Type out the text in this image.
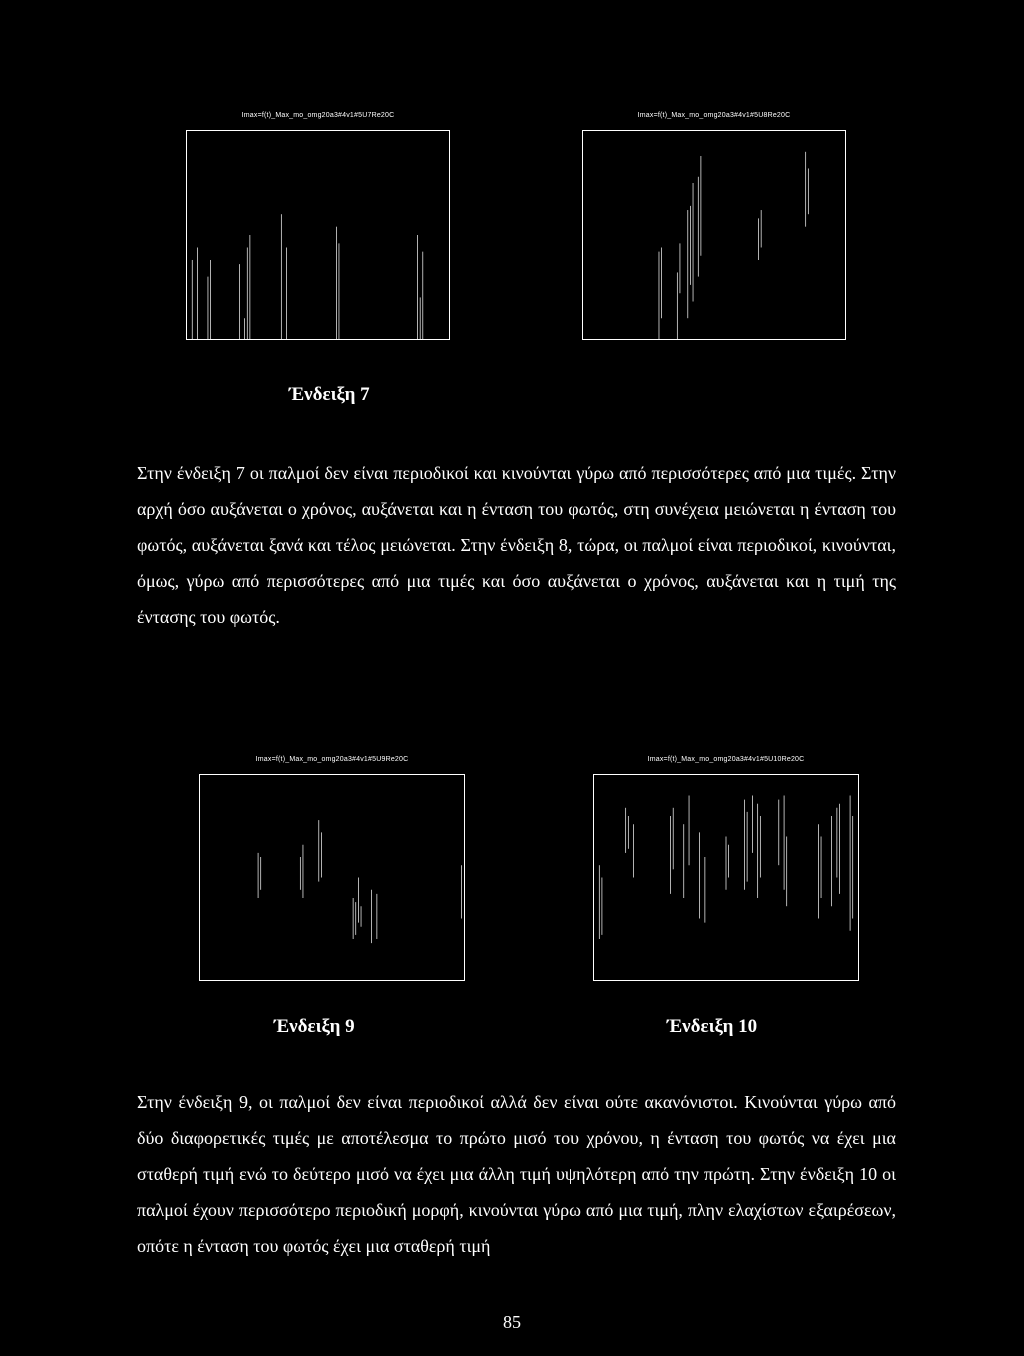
Imax=f(t)_Max_mo_omg20a3#4v1#5U7Re20C	Imax=f(t)_Max_mo_omg20a3#4v1#5U8Re20C
Ένδειξη 7

Στην ένδειξη 7 οι παλμοί δεν είναι περιοδικοί και κινούνται γύρω από περισσότερες από μια τιμές. Στην αρχή όσο αυξάνεται ο χρόνος, αυξάνεται και η ένταση του φωτός, στη συνέχεια μειώνεται η ένταση του φωτός, αυξάνεται ξανά και τέλος μειώνεται. Στην ένδειξη 8, τώρα, οι παλμοί είναι περιοδικοί, κινούνται, όμως, γύρω από περισσότερες από μια τιμές και όσο αυξάνεται ο χρόνος, αυξάνεται και η τιμή της έντασης του φωτός.

Imax=f(t)_Max_mo_omg20a3#4v1#5U9Re20C	Imax=f(t)_Max_mo_omg20a3#4v1#5U10Re20C
Ένδειξη 9	Ένδειξη 10

Στην ένδειξη 9, οι παλμοί δεν είναι περιοδικοί αλλά δεν είναι ούτε ακανόνιστοι. Κινούνται γύρω από δύο διαφορετικές τιμές με αποτέλεσμα το πρώτο μισό του χρόνου, η ένταση του φωτός να έχει μια σταθερή τιμή ενώ το δεύτερο μισό να έχει μια άλλη τιμή υψηλότερη από την πρώτη. Στην ένδειξη 10 οι παλμοί έχουν περισσότερο περιοδική μορφή, κινούνται γύρω από μια τιμή, πλην ελαχίστων εξαιρέσεων, οπότε η ένταση του φωτός έχει μια σταθερή τιμή

85
